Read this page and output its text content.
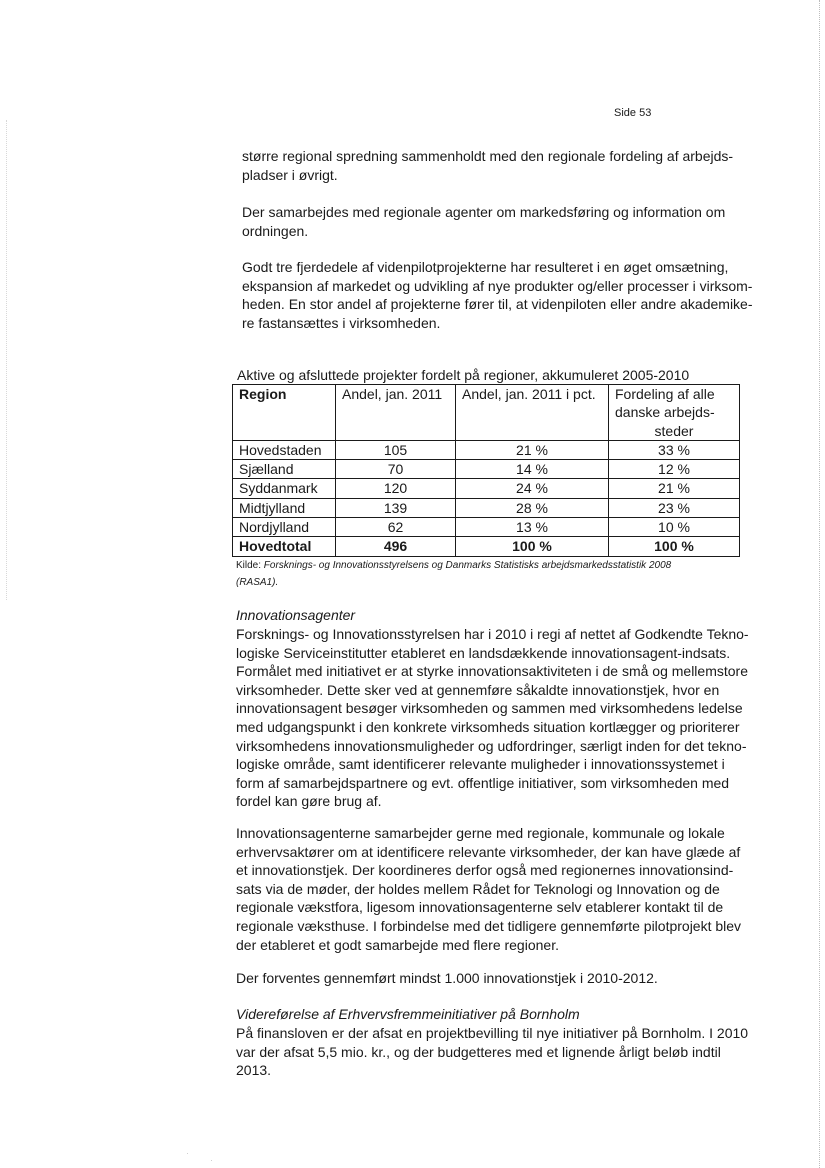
Side 53
større regional spredning sammenholdt med den regionale fordeling af arbejds-
pladser i øvrigt.
Der samarbejdes med regionale agenter om markedsføring og information om
ordningen.
Godt tre fjerdedele af videnpilotprojekterne har resulteret i en øget omsætning,
ekspansion af markedet og udvikling af nye produkter og/eller processer i virksom-
heden. En stor andel af projekterne fører til, at videnpiloten eller andre akademike-
re fastansættes i virksomheden.
Aktive og afsluttede projekter fordelt på regioner, akkumuleret 2005-2010
Region	Andel, jan. 2011	Andel, jan. 2011 i pct.	Fordeling af alle
danske arbejds-
steder

Hovedstaden	105	21 %	33 %
Sjælland	70	14 %	12 %
Syddanmark	120	24 %	21 %
Midtjylland	139	28 %	23 %
Nordjylland	62	13 %	10 %
Hovedtotal	496	100 %	100 %
Kilde: Forsknings- og Innovationsstyrelsens og Danmarks Statistisks arbejdsmarkedsstatistik 2008
(RASA1).
Innovationsagenter
Forsknings- og Innovationsstyrelsen har i 2010 i regi af nettet af Godkendte Tekno-
logiske Serviceinstitutter etableret en landsdækkende innovationsagent-indsats.
Formålet med initiativet er at styrke innovationsaktiviteten i de små og mellemstore
virksomheder. Dette sker ved at gennemføre såkaldte innovationstjek, hvor en
innovationsagent besøger virksomheden og sammen med virksomhedens ledelse
med udgangspunkt i den konkrete virksomheds situation kortlægger og prioriterer
virksomhedens innovationsmuligheder og udfordringer, særligt inden for det tekno-
logiske område, samt identificerer relevante muligheder i innovationssystemet i
form af samarbejdspartnere og evt. offentlige initiativer, som virksomheden med
fordel kan gøre brug af.
Innovationsagenterne samarbejder gerne med regionale, kommunale og lokale
erhvervsaktører om at identificere relevante virksomheder, der kan have glæde af
et innovationstjek. Der koordineres derfor også med regionernes innovationsind-
sats via de møder, der holdes mellem Rådet for Teknologi og Innovation og de
regionale vækstfora, ligesom innovationsagenterne selv etablerer kontakt til de
regionale væksthuse. I forbindelse med det tidligere gennemførte pilotprojekt blev
der etableret et godt samarbejde med flere regioner.
Der forventes gennemført mindst 1.000 innovationstjek i 2010-2012.
Videreførelse af Erhvervsfremmeinitiativer på Bornholm
På finansloven er der afsat en projektbevilling til nye initiativer på Bornholm. I 2010
var der afsat 5,5 mio. kr., og der budgetteres med et lignende årligt beløb indtil
2013.
·
·
